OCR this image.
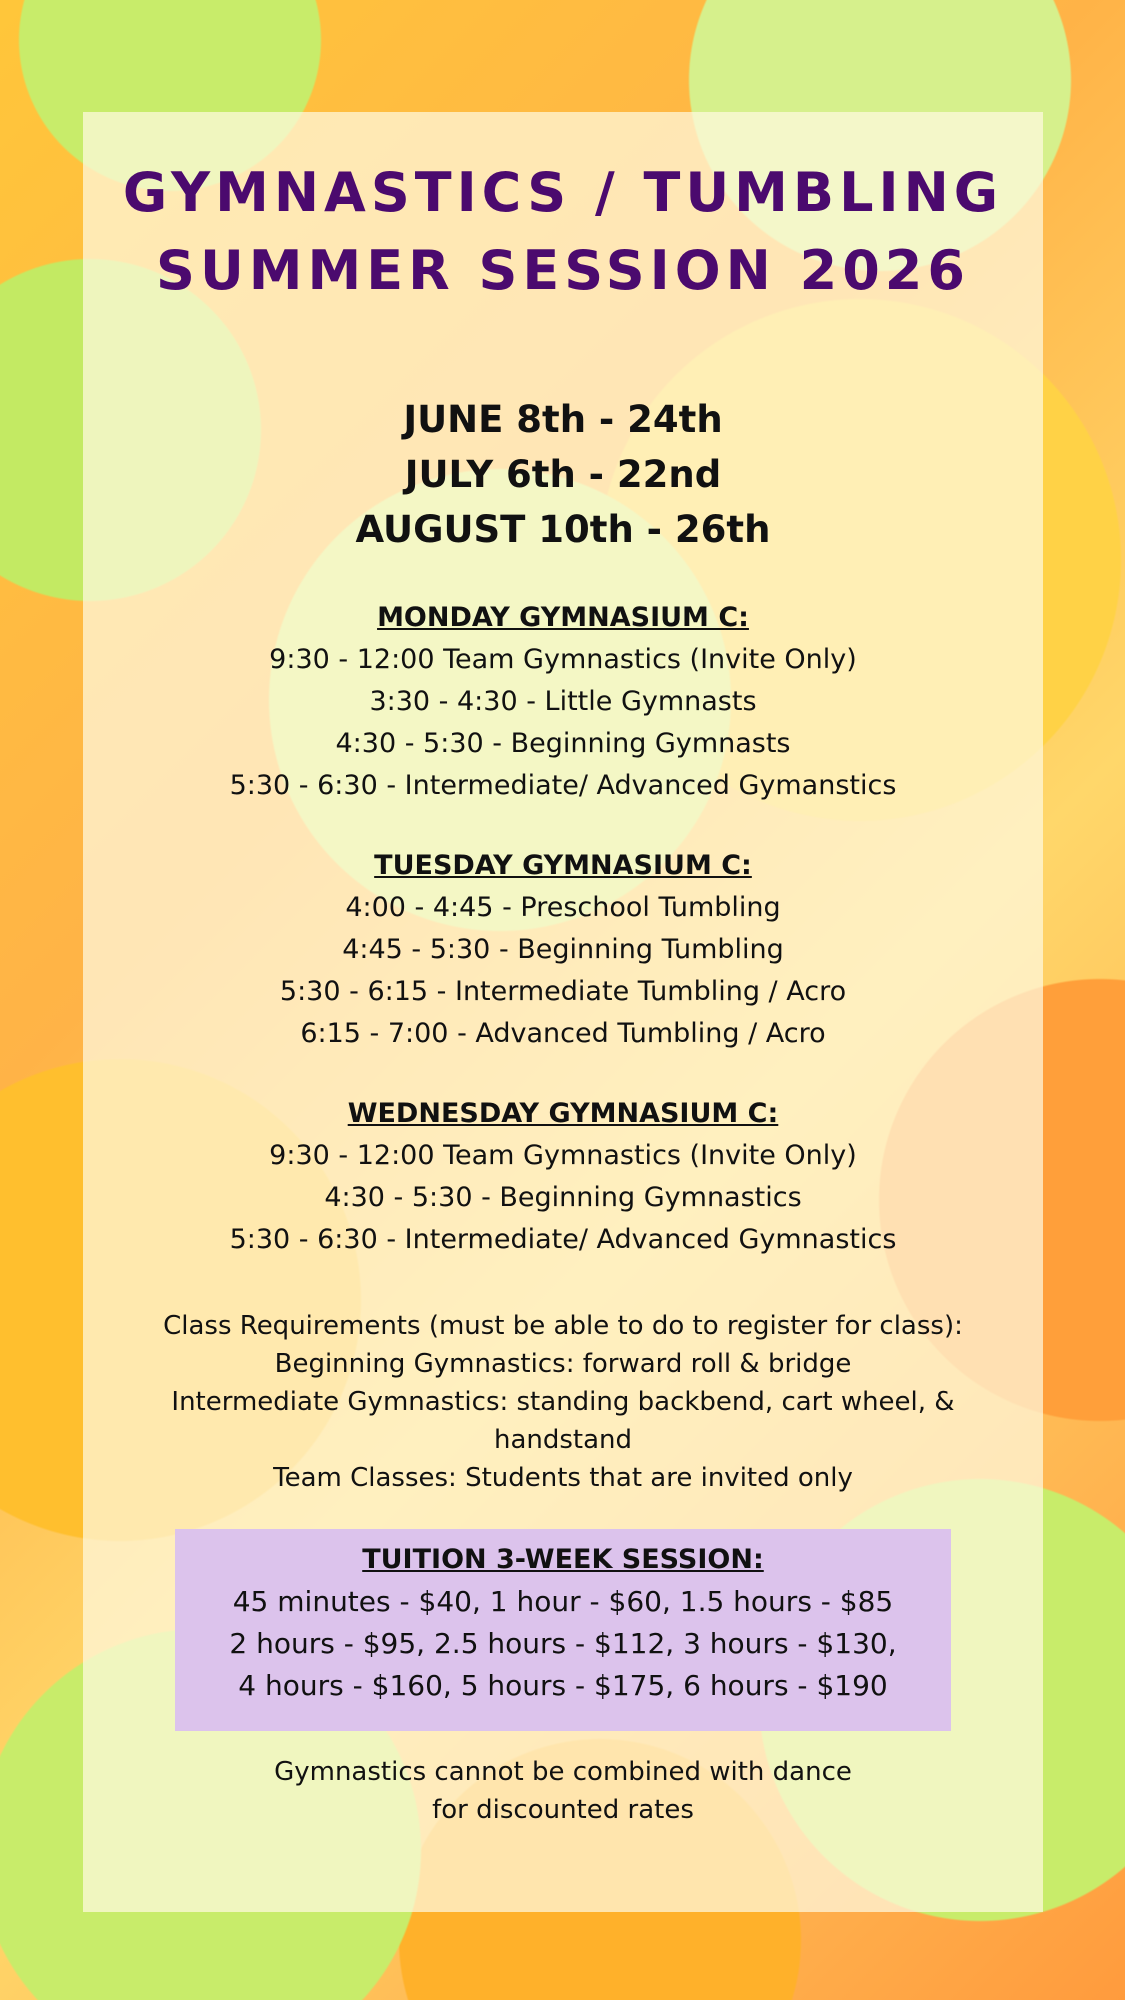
GYMNASTICS / TUMBLING
SUMMER SESSION 2026
JUNE 8th - 24th
JULY 6th - 22nd
AUGUST 10th - 26th
MONDAY GYMNASIUM C:
9:30 - 12:00 Team Gymnastics (Invite Only)
3:30 - 4:30 - Little Gymnasts
4:30 - 5:30 - Beginning Gymnasts
5:30 - 6:30 - Intermediate/ Advanced Gymanstics
TUESDAY GYMNASIUM C:
4:00 - 4:45 - Preschool Tumbling
4:45 - 5:30 - Beginning Tumbling
5:30 - 6:15 - Intermediate Tumbling / Acro
6:15 - 7:00 - Advanced Tumbling / Acro
WEDNESDAY GYMNASIUM C:
9:30 - 12:00 Team Gymnastics (Invite Only)
4:30 - 5:30 - Beginning Gymnastics
5:30 - 6:30 - Intermediate/ Advanced Gymnastics
Class Requirements (must be able to do to register for class):
Beginning Gymnastics: forward roll & bridge
Intermediate Gymnastics: standing backbend, cart wheel, &
handstand
Team Classes: Students that are invited only
TUITION 3-WEEK SESSION:
45 minutes - $40, 1 hour - $60, 1.5 hours - $85
2 hours - $95, 2.5 hours - $112, 3 hours - $130,
4 hours - $160, 5 hours - $175, 6 hours - $190
Gymnastics cannot be combined with dance
for discounted rates
